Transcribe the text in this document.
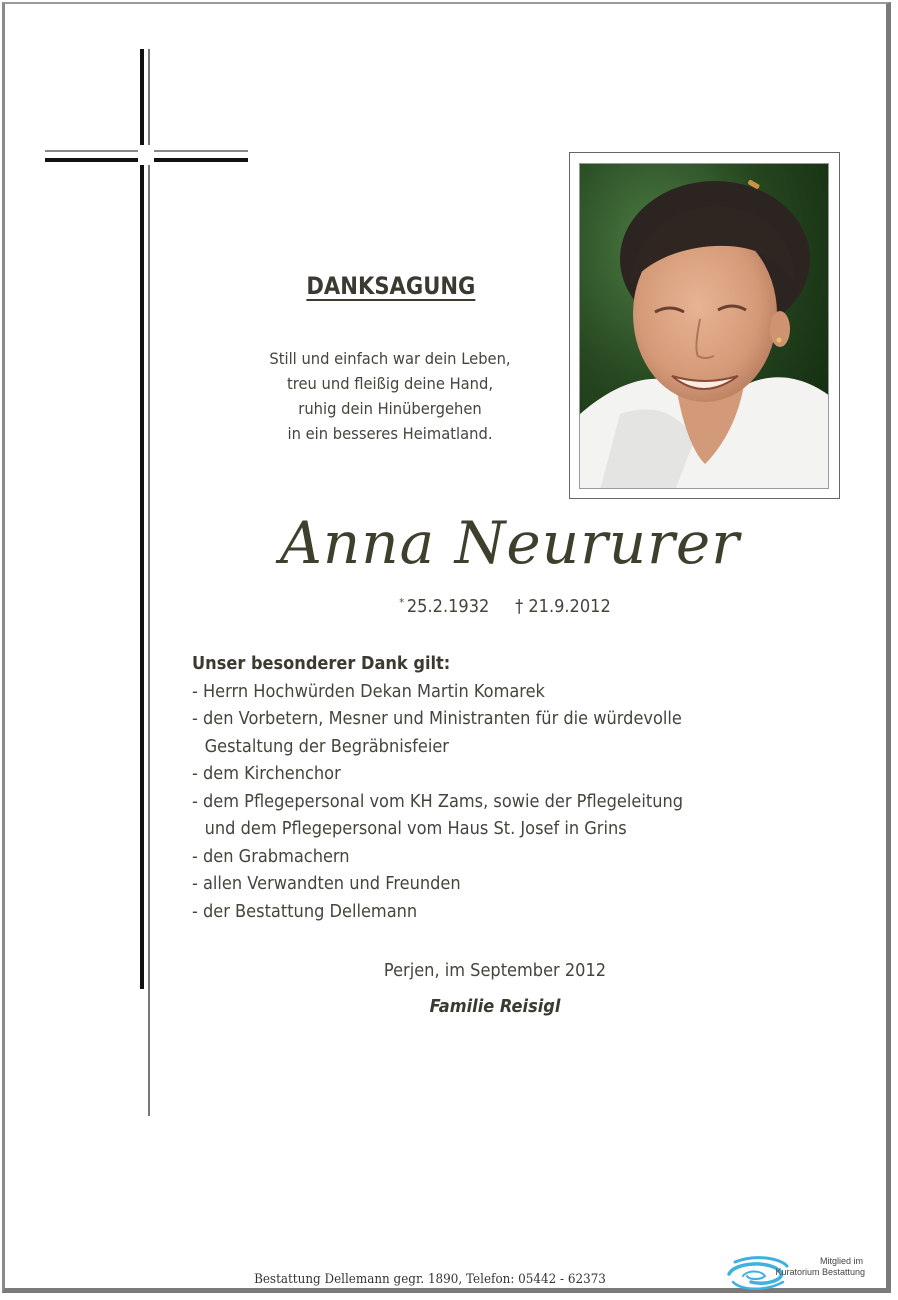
DANKSAGUNG
Still und einfach war dein Leben,
treu und fleißig deine Hand,
ruhig dein Hinübergehen
in ein besseres Heimatland.
Anna Neururer
* 25.2.1932 † 21.9.2012
Unser besonderer Dank gilt:
- Herrn Hochwürden Dekan Martin Komarek
- den Vorbetern, Mesner und Ministranten für die würdevolle
Gestaltung der Begräbnisfeier
- dem Kirchenchor
- dem Pflegepersonal vom KH Zams, sowie der Pflegeleitung
und dem Pflegepersonal vom Haus St. Josef in Grins
- den Grabmachern
- allen Verwandten und Freunden
- der Bestattung Dellemann
Perjen, im September 2012
Familie Reisigl
Bestattung Dellemann gegr. 1890, Telefon: 05442 - 62373
Mitglied im
Kuratorium Bestattung
